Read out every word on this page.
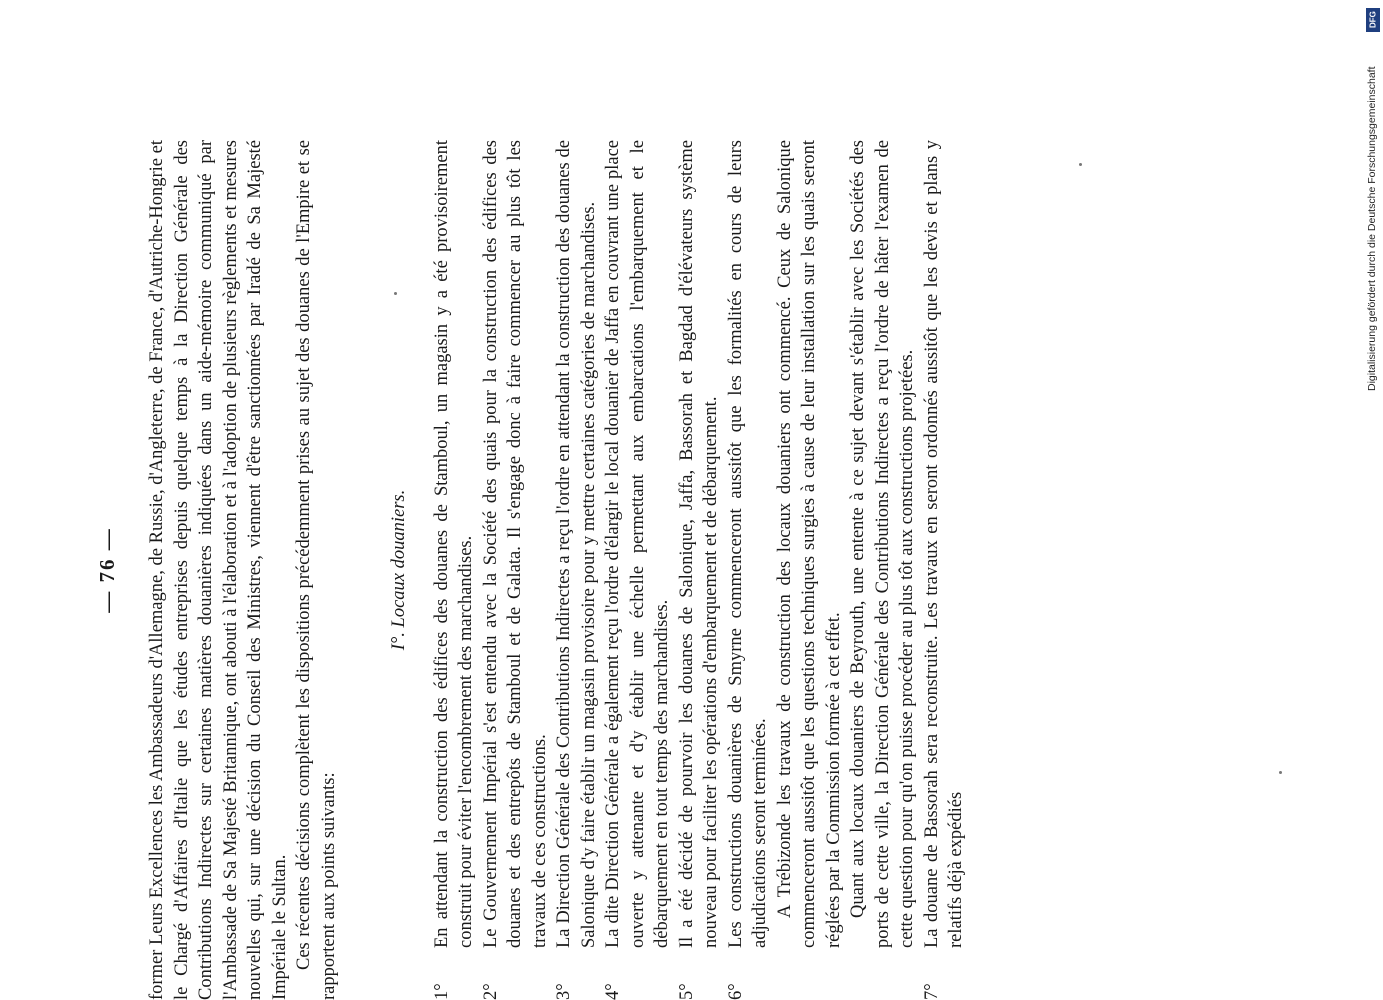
— 76 — former Leurs Excellences les Ambassadeurs d'Allemagne, de Russie, d'Angleterre, de France, d'Autriche-Hongrie et le Chargé d'Affaires d'Italie que les études entreprises depuis quelque temps à la Direction Générale des Contributions Indirectes sur certaines matières douanières indiquées dans un aide-mémoire communiqué par l'Ambassade de Sa Majesté Britannique, ont abouti à l'élaboration et à l'adoption de plusieurs règlements et mesures nouvelles qui, sur une décision du Conseil des Ministres, viennent d'être sanctionnées par Iradé de Sa Majesté Impériale le Sultan. Ces récentes décisions complètent les dispositions précédemment prises au sujet des douanes de l'Empire et se rapportent aux points suivants:

I°. Locaux douaniers.

1°

En attendant la construction des édifices des douanes de Stamboul, un magasin y a été provisoirement construit pour éviter l'encombrement des marchandises.

2°

Le Gouvernement Impérial s'est entendu avec la Société des quais pour la construction des édifices des douanes et des entrepôts de Stamboul et de Galata. Il s'engage donc à faire commencer au plus tôt les travaux de ces constructions.

3°

La Direction Générale des Contributions Indirectes a reçu l'ordre en attendant la construction des douanes de Salonique d'y faire établir un magasin provisoire pour y mettre certaines catégories de marchandises.

4°

La dite Direction Générale a également reçu l'ordre d'élargir le local douanier de Jaffa en couvrant une place ouverte y attenante et d'y établir une échelle permettant aux embarcations l'embarquement et le débarquement en tout temps des marchandises.

5°

Il a été décidé de pourvoir les douanes de Salonique, Jaffa, Bassorah et Bagdad d'élévateurs système nouveau pour faciliter les opérations d'embarquement et de débarquement.

6°

Les constructions douanières de Smyrne commenceront aussitôt que les formalités en cours de leurs adjudications seront terminées. A Trébizonde les travaux de construction des locaux douaniers ont commencé. Ceux de Salonique commenceront aussitôt que les questions techniques surgies à cause de leur installation sur les quais seront réglées par la Commission formée à cet effet. Quant aux locaux douaniers de Beyrouth, une entente à ce sujet devant s'établir avec les Sociétés des ports de cette ville, la Direction Générale des Contributions Indirectes a reçu l'ordre de hâter l'examen de cette question pour qu'on puisse procéder au plus tôt aux constructions projetées.

7°

La douane de Bassorah sera reconstruite. Les travaux en seront ordonnés aussitôt que les devis et plans y relatifs déjà expédiés

DFG
Digitalisierung gefördert durch die Deutsche Forschungsgemeinschaft
